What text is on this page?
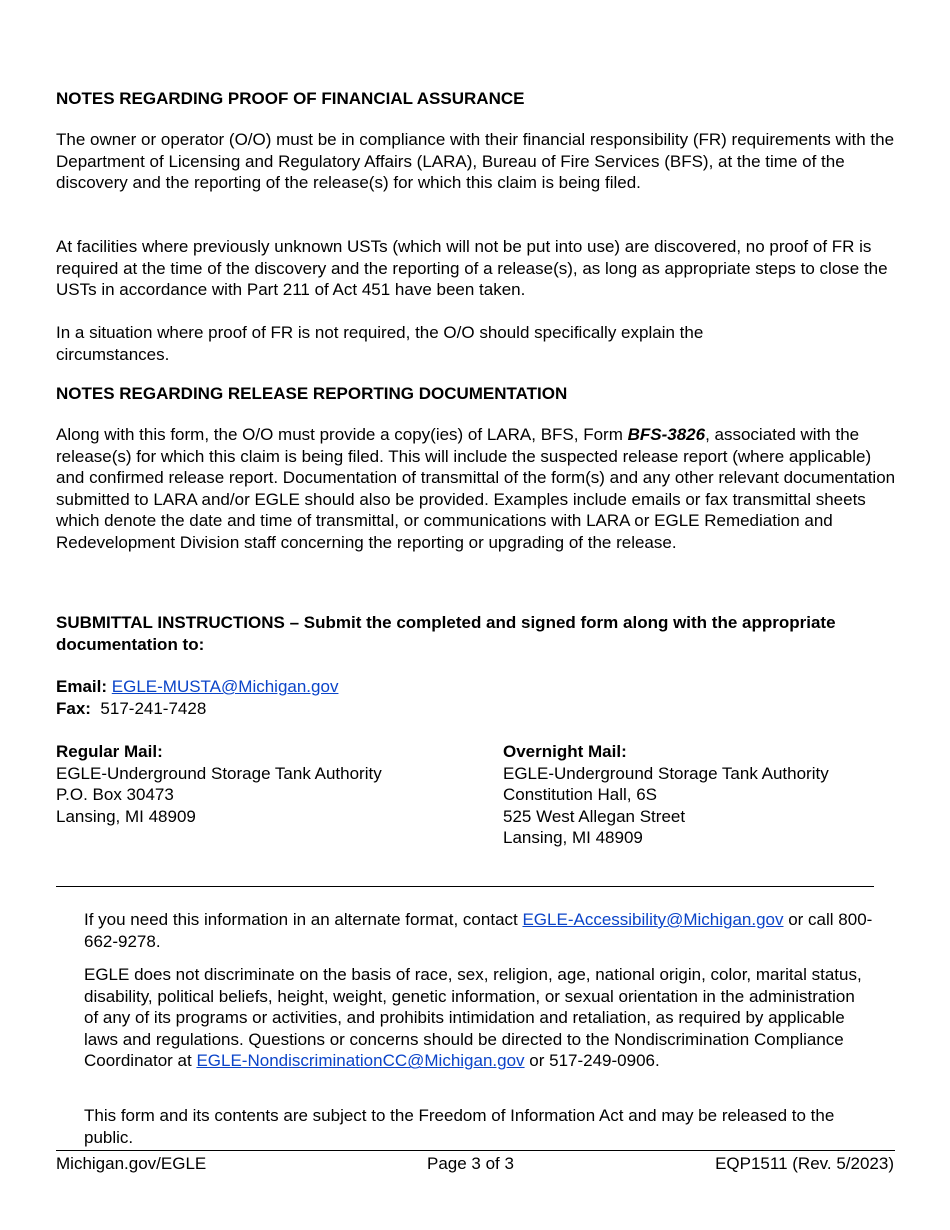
NOTES REGARDING PROOF OF FINANCIAL ASSURANCE

The owner or operator (O/O) must be in compliance with their financial responsibility (FR) requirements with the Department of Licensing and Regulatory Affairs (LARA), Bureau of Fire Services (BFS), at the time of the discovery and the reporting of the release(s) for which this claim is being filed.

At facilities where previously unknown USTs (which will not be put into use) are discovered, no proof of FR is required at the time of the discovery and the reporting of a release(s), as long as appropriate steps to close the USTs in accordance with Part 211 of Act 451 have been taken.

In a situation where proof of FR is not required, the O/O should specifically explain the circumstances.

NOTES REGARDING RELEASE REPORTING DOCUMENTATION

Along with this form, the O/O must provide a copy(ies) of LARA, BFS, Form BFS-3826, associated with the release(s) for which this claim is being filed. This will include the suspected release report (where applicable) and confirmed release report. Documentation of transmittal of the form(s) and any other relevant documentation submitted to LARA and/or EGLE should also be provided. Examples include emails or fax transmittal sheets which denote the date and time of transmittal, or communications with LARA or EGLE Remediation and Redevelopment Division staff concerning the reporting or upgrading of the release.

SUBMITTAL INSTRUCTIONS – Submit the completed and signed form along with the appropriate documentation to:
Email: EGLE-MUSTA@Michigan.gov
Fax: 517-241-7428
Regular Mail:
EGLE-Underground Storage Tank Authority
P.O. Box 30473
Lansing, MI 48909
Overnight Mail:
EGLE-Underground Storage Tank Authority
Constitution Hall, 6S
525 West Allegan Street
Lansing, MI 48909

If you need this information in an alternate format, contact EGLE-Accessibility@Michigan.gov or call 800-662-9278.

EGLE does not discriminate on the basis of race, sex, religion, age, national origin, color, marital status, disability, political beliefs, height, weight, genetic information, or sexual orientation in the administration of any of its programs or activities, and prohibits intimidation and retaliation, as required by applicable laws and regulations. Questions or concerns should be directed to the Nondiscrimination Compliance Coordinator at EGLE-NondiscriminationCC@Michigan.gov or 517-249-0906.

This form and its contents are subject to the Freedom of Information Act and may be released to the public.

Michigan.gov/EGLE	Page 3 of 3	EQP1511 (Rev. 5/2023)
